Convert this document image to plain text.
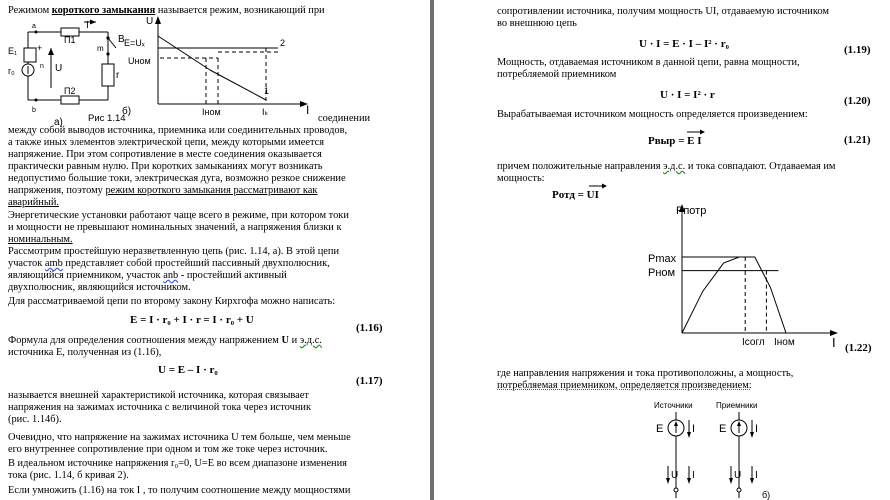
Режимом короткого замыкания называется режим, возникающий при
I
B
E₁ +
r₀	U
П1
П2
r
a
b
m
n
а)	Рис 1.14
U
E=Uₓ
Uном
2
1
Iном	Iₖ	I
б)
соединении
между собой выводов источника, приемника или соединительных проводов,
а также иных элементов электрической цепи, между которыми имеется
напряжение. При этом сопротивление в месте соединения оказывается
практически равным нулю. При коротких замыканиях могут возникать
недопустимо большие токи, электрическая дуга, возможно резкое снижение
напряжения, поэтому режим короткого замыкания рассматривают как
аварийный.
Энергетические установки работают чаще всего в режиме, при котором токи
и мощности не превышают номинальных значений, а напряжения близки к
номинальным.
Рассмотрим простейшую неразветвленную цепь (рис. 1.14, а). В этой цепи
участок amb представляет собой простейший пассивный двухполюсник,
являющийся приемником, участок anb - простейший активный
двухполюсник, являющийся источником.
Для рассматриваемой цепи по второму закону Кирхгофа можно написать:
E = I · r₀ + I · r = I · r₀ + U
(1.16)
Формула для определения соотношения между напряжением U и э.д.с.
источника E, полученная из (1.16),
U = E – I · r₀
(1.17)
называется внешней характеристикой источника, которая связывает
напряжения на зажимах источника с величиной тока через источник
(рис. 1.14б).
Очевидно, что напряжение на зажимах источника U тем больше, чем меньше
его внутреннее сопротивление при одном и том же токе через источник.
В идеальном источнике напряжения r₀=0, U=E во всем диапазоне изменения
тока (рис. 1.14, б кривая 2).
Если умножить (1.16) на ток I , то получим соотношение между мощностями
сопротивлении источника, получим мощность UI, отдаваемую источником
во внешнюю цепь
U · I = E · I – I² · r₀	(1.19)
Мощность, отдаваемая источником в данной цепи, равна мощности,
потребляемой приемником
U · I = I² · r	(1.20)
Вырабатываемая источником мощность определяется произведением:
Pвыр = E I	(1.21)
причем положительные направления э.д.с. и тока совпадают. Отдаваемая им
мощность:
Pотд = UI
Pпотр
Pmax
Pном
Iсогл Iном	I (1.22)
где направления напряжения и тока противоположны, а мощность,
потребляемая приемником, определяется произведением:
Источники	Приемники
E	I E	I
U I	U I
б)
